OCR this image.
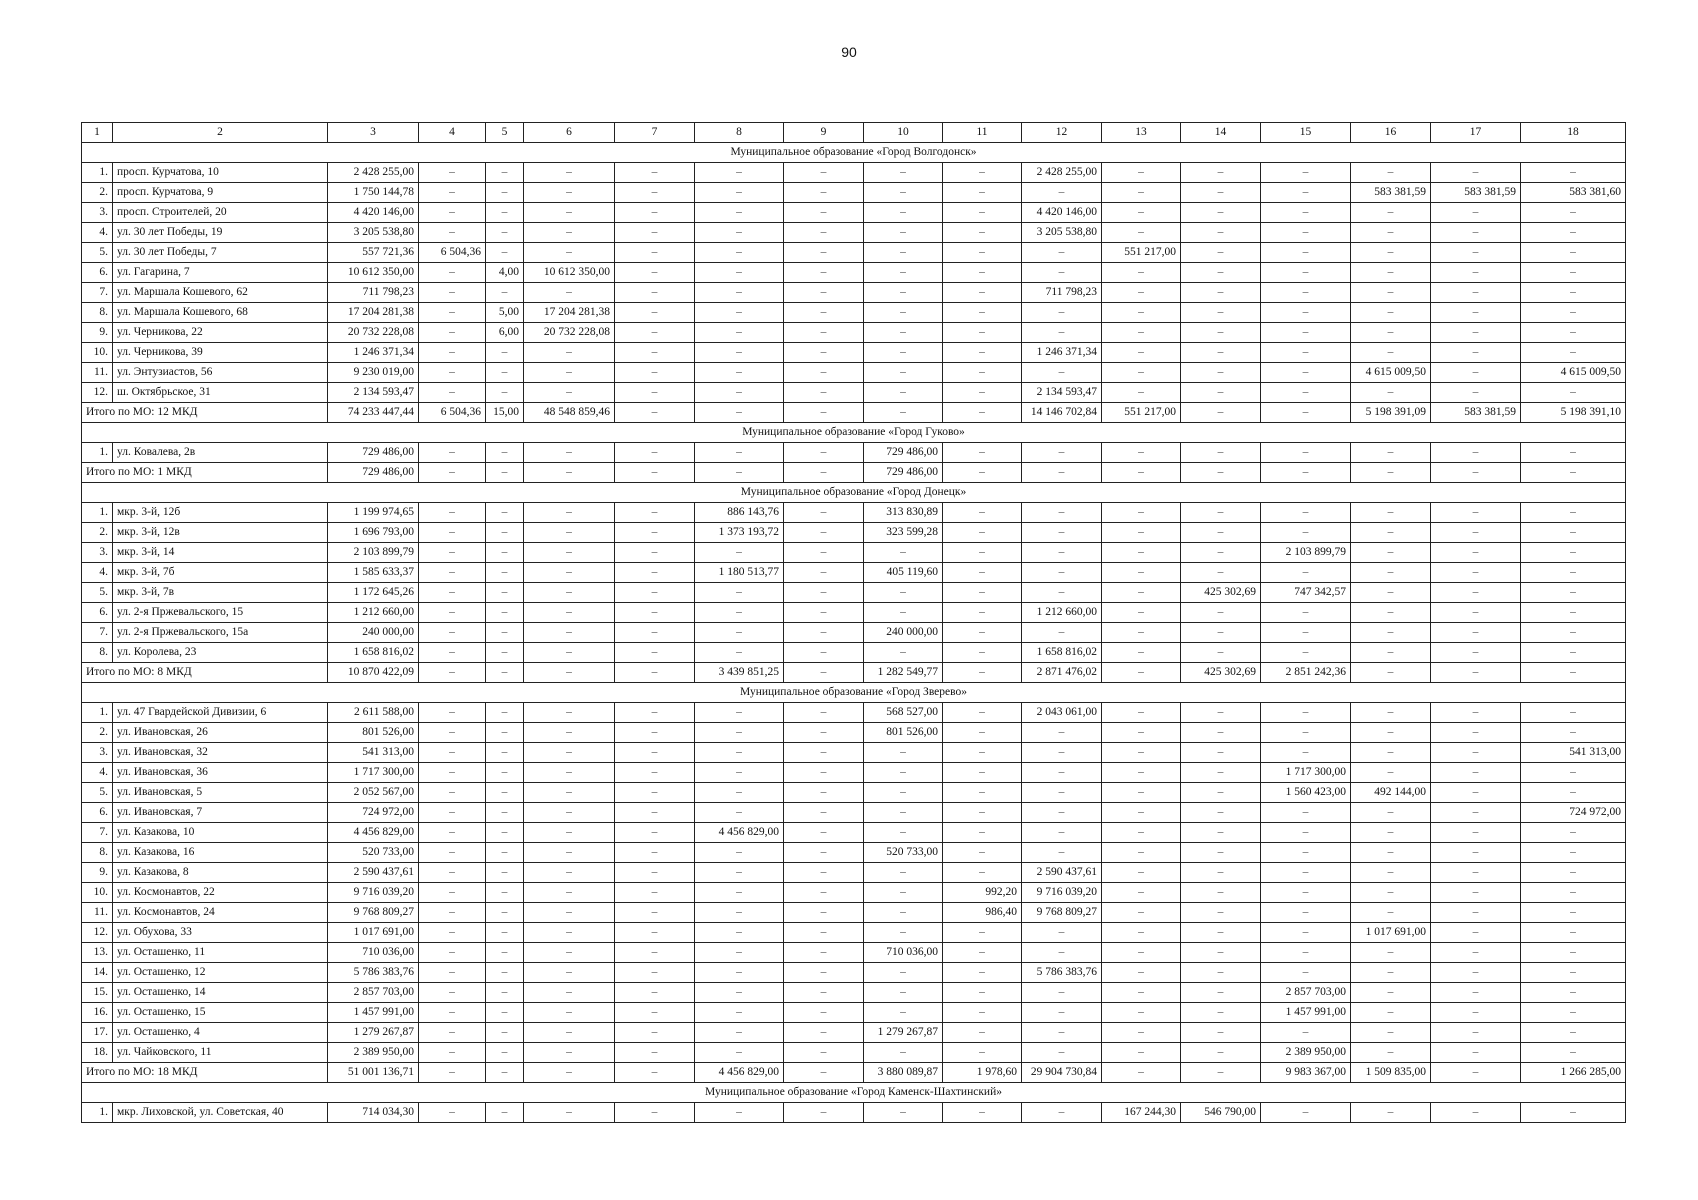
90
1	2	3	4	5	6	7	8	9	10	11	12	13	14	15	16	17	18
Муниципальное образование «Город Волгодонск»																	
1.	просп. Курчатова, 10	2 428 255,00	–	–	–	–	–	–	–	–	2 428 255,00	–	–	–	–	–	–
2.	просп. Курчатова, 9	1 750 144,78	–	–	–	–	–	–	–	–	–	–	–	–	583 381,59	583 381,59	583 381,60
3.	просп. Строителей, 20	4 420 146,00	–	–	–	–	–	–	–	–	4 420 146,00	–	–	–	–	–	–
4.	ул. 30 лет Победы, 19	3 205 538,80	–	–	–	–	–	–	–	–	3 205 538,80	–	–	–	–	–	–
5.	ул. 30 лет Победы, 7	557 721,36	6 504,36	–	–	–	–	–	–	–	–	551 217,00	–	–	–	–	–
6.	ул. Гагарина, 7	10 612 350,00	–	4,00	10 612 350,00	–	–	–	–	–	–	–	–	–	–	–	–
7.	ул. Маршала Кошевого, 62	711 798,23	–	–	–	–	–	–	–	–	711 798,23	–	–	–	–	–	–
8.	ул. Маршала Кошевого, 68	17 204 281,38	–	5,00	17 204 281,38	–	–	–	–	–	–	–	–	–	–	–	–
9.	ул. Черникова, 22	20 732 228,08	–	6,00	20 732 228,08	–	–	–	–	–	–	–	–	–	–	–	–
10.	ул. Черникова, 39	1 246 371,34	–	–	–	–	–	–	–	–	1 246 371,34	–	–	–	–	–	–
11.	ул. Энтузиастов, 56	9 230 019,00	–	–	–	–	–	–	–	–	–	–	–	–	4 615 009,50	–	4 615 009,50
12.	ш. Октябрьское, 31	2 134 593,47	–	–	–	–	–	–	–	–	2 134 593,47	–	–	–	–	–	–
Итого по МО: 12 МКД		74 233 447,44	6 504,36	15,00	48 548 859,46	–	–	–	–	–	14 146 702,84	551 217,00	–	–	5 198 391,09	583 381,59	5 198 391,10
Муниципальное образование «Город Гуково»																	
1.	ул. Ковалева, 2в	729 486,00	–	–	–	–	–	–	729 486,00	–	–	–	–	–	–	–	–
Итого по МО: 1 МКД		729 486,00	–	–	–	–	–	–	729 486,00	–	–	–	–	–	–	–	–
Муниципальное образование «Город Донецк»																	
1.	мкр. 3-й, 12б	1 199 974,65	–	–	–	–	886 143,76	–	313 830,89	–	–	–	–	–	–	–	–
2.	мкр. 3-й, 12в	1 696 793,00	–	–	–	–	1 373 193,72	–	323 599,28	–	–	–	–	–	–	–	–
3.	мкр. 3-й, 14	2 103 899,79	–	–	–	–	–	–	–	–	–	–	–	2 103 899,79	–	–	–
4.	мкр. 3-й, 7б	1 585 633,37	–	–	–	–	1 180 513,77	–	405 119,60	–	–	–	–	–	–	–	–
5.	мкр. 3-й, 7в	1 172 645,26	–	–	–	–	–	–	–	–	–	–	425 302,69	747 342,57	–	–	–
6.	ул. 2-я Пржевальского, 15	1 212 660,00	–	–	–	–	–	–	–	–	1 212 660,00	–	–	–	–	–	–
7.	ул. 2-я Пржевальского, 15а	240 000,00	–	–	–	–	–	–	240 000,00	–	–	–	–	–	–	–	–
8.	ул. Королева, 23	1 658 816,02	–	–	–	–	–	–	–	–	1 658 816,02	–	–	–	–	–	–
Итого по МО: 8 МКД		10 870 422,09	–	–	–	–	3 439 851,25	–	1 282 549,77	–	2 871 476,02	–	425 302,69	2 851 242,36	–	–	–
Муниципальное образование «Город Зверево»																	
1.	ул. 47 Гвардейской Дивизии, 6	2 611 588,00	–	–	–	–	–	–	568 527,00	–	2 043 061,00	–	–	–	–	–	–
2.	ул. Ивановская, 26	801 526,00	–	–	–	–	–	–	801 526,00	–	–	–	–	–	–	–	–
3.	ул. Ивановская, 32	541 313,00	–	–	–	–	–	–	–	–	–	–	–	–	–	–	541 313,00
4.	ул. Ивановская, 36	1 717 300,00	–	–	–	–	–	–	–	–	–	–	–	1 717 300,00	–	–	–
5.	ул. Ивановская, 5	2 052 567,00	–	–	–	–	–	–	–	–	–	–	–	1 560 423,00	492 144,00	–	–
6.	ул. Ивановская, 7	724 972,00	–	–	–	–	–	–	–	–	–	–	–	–	–	–	724 972,00
7.	ул. Казакова, 10	4 456 829,00	–	–	–	–	4 456 829,00	–	–	–	–	–	–	–	–	–	–
8.	ул. Казакова, 16	520 733,00	–	–	–	–	–	–	520 733,00	–	–	–	–	–	–	–	–
9.	ул. Казакова, 8	2 590 437,61	–	–	–	–	–	–	–	–	2 590 437,61	–	–	–	–	–	–
10.	ул. Космонавтов, 22	9 716 039,20	–	–	–	–	–	–	–	992,20	9 716 039,20	–	–	–	–	–	–
11.	ул. Космонавтов, 24	9 768 809,27	–	–	–	–	–	–	–	986,40	9 768 809,27	–	–	–	–	–	–
12.	ул. Обухова, 33	1 017 691,00	–	–	–	–	–	–	–	–	–	–	–	–	1 017 691,00	–	–
13.	ул. Осташенко, 11	710 036,00	–	–	–	–	–	–	710 036,00	–	–	–	–	–	–	–	–
14.	ул. Осташенко, 12	5 786 383,76	–	–	–	–	–	–	–	–	5 786 383,76	–	–	–	–	–	–
15.	ул. Осташенко, 14	2 857 703,00	–	–	–	–	–	–	–	–	–	–	–	2 857 703,00	–	–	–
16.	ул. Осташенко, 15	1 457 991,00	–	–	–	–	–	–	–	–	–	–	–	1 457 991,00	–	–	–
17.	ул. Осташенко, 4	1 279 267,87	–	–	–	–	–	–	1 279 267,87	–	–	–	–	–	–	–	–
18.	ул. Чайковского, 11	2 389 950,00	–	–	–	–	–	–	–	–	–	–	–	2 389 950,00	–	–	–
Итого по МО: 18 МКД		51 001 136,71	–	–	–	–	4 456 829,00	–	3 880 089,87	1 978,60	29 904 730,84	–	–	9 983 367,00	1 509 835,00	–	1 266 285,00
Муниципальное образование «Город Каменск-Шахтинский»																	
1.	мкр. Лиховской, ул. Советская, 40	714 034,30	–	–	–	–	–	–	–	–	–	167 244,30	546 790,00	–	–	–	–
